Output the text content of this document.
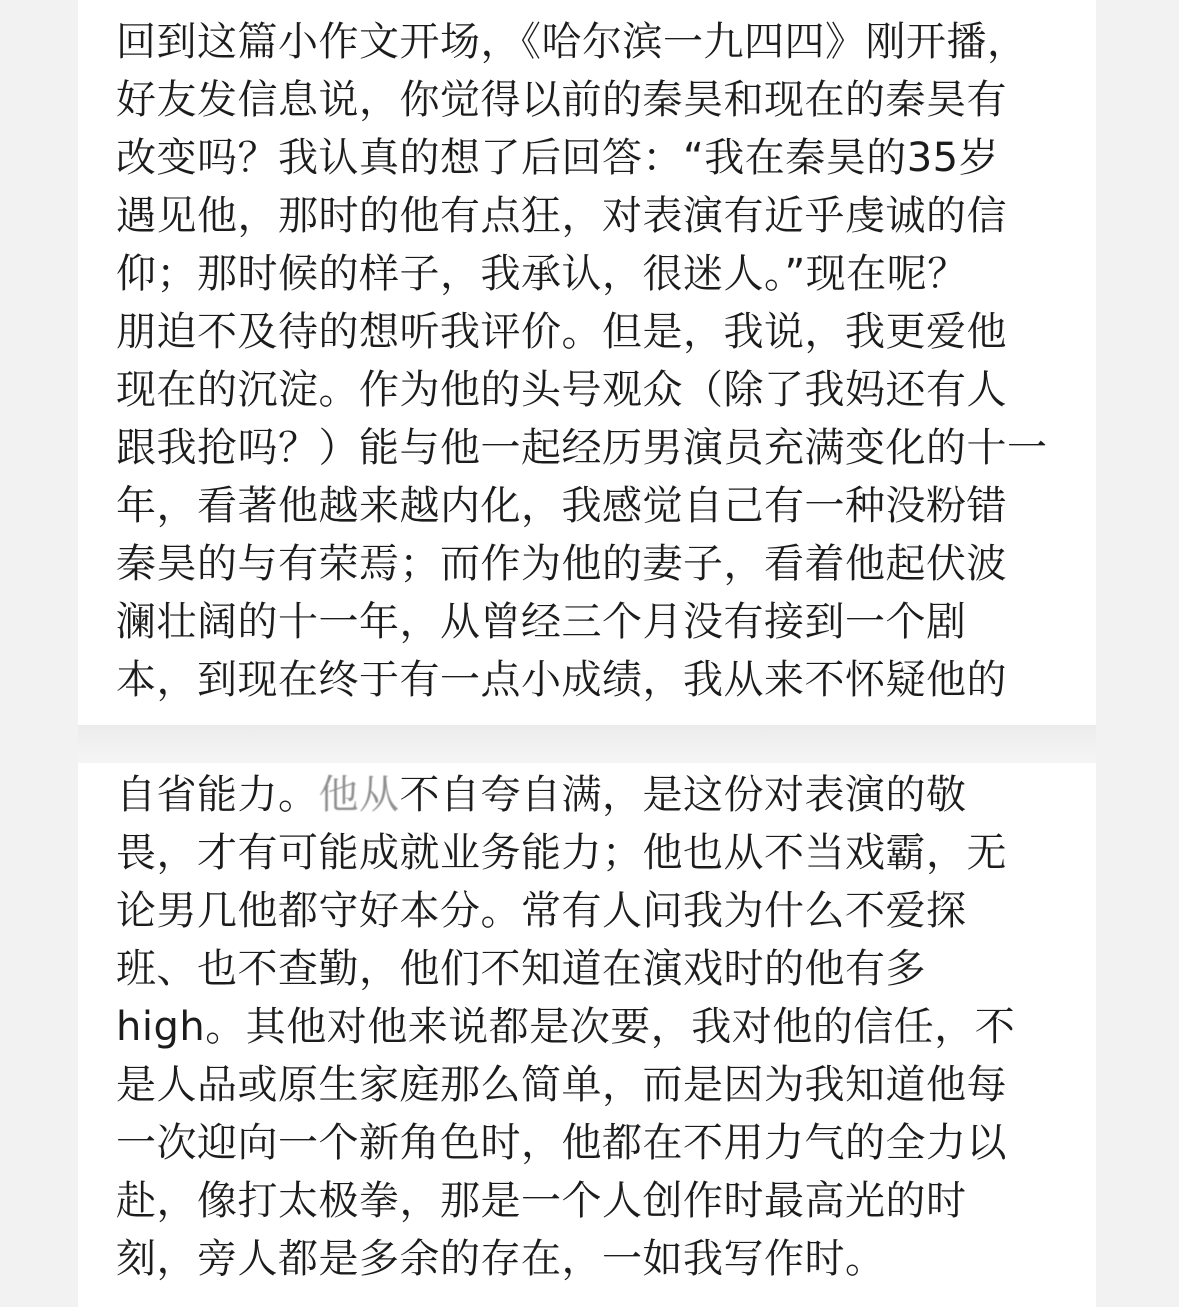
回到这篇小作文开场，《哈尔滨一九四四》刚开播，
好友发信息说，你觉得以前的秦昊和现在的秦昊有
改变吗？我认真的想了后回答：“我在秦昊的35岁
遇见他，那时的他有点狂，对表演有近乎虔诚的信
仰；那时候的样子，我承认，很迷人。”现在呢？
朋迫不及待的想听我评价。但是，我说，我更爱他
现在的沉淀。作为他的头号观众（除了我妈还有人
跟我抢吗？）能与他一起经历男演员充满变化的十一
年，看著他越来越内化，我感觉自己有一种没粉错
秦昊的与有荣焉；而作为他的妻子，看着他起伏波
澜壮阔的十一年，从曾经三个月没有接到一个剧
本，到现在终于有一点小成绩，我从来不怀疑他的
自省能力。他从不自夸自满，是这份对表演的敬
畏，才有可能成就业务能力；他也从不当戏霸，无
论男几他都守好本分。常有人问我为什么不爱探
班、也不查勤，他们不知道在演戏时的他有多
high。其他对他来说都是次要，我对他的信任，不
是人品或原生家庭那么简单，而是因为我知道他每
一次迎向一个新角色时，他都在不用力气的全力以
赴，像打太极拳，那是一个人创作时最高光的时
刻，旁人都是多余的存在，一如我写作时。
